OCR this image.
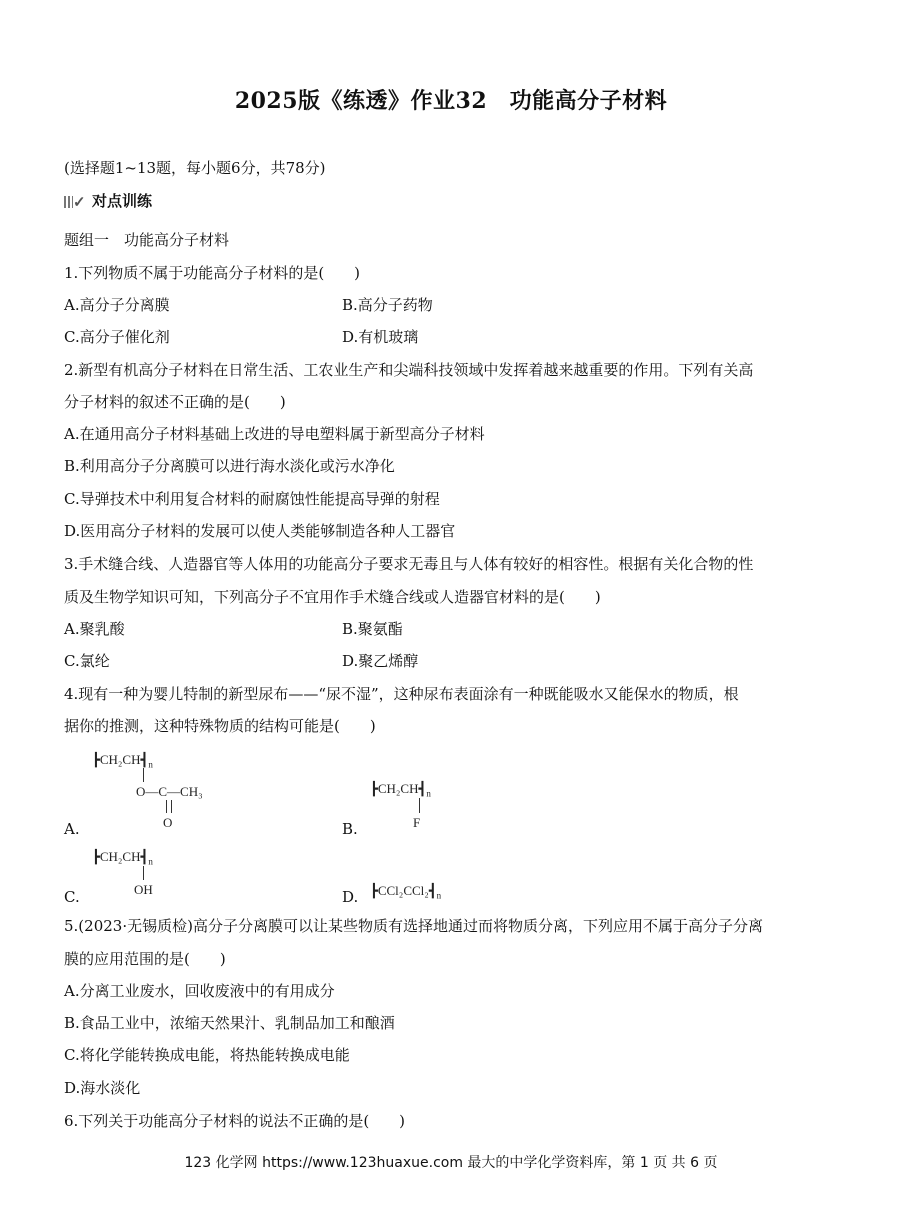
2025版《练透》作业32　功能高分子材料
(选择题1~13题，每小题6分，共78分)
✓ 对点训练
题组一　功能高分子材料
1.下列物质不属于功能高分子材料的是(　　)
A.高分子分离膜	B.高分子药物
C.高分子催化剂	D.有机玻璃
2.新型有机高分子材料在日常生活、工农业生产和尖端科技领域中发挥着越来越重要的作用。下列有关高
分子材料的叙述不正确的是(　　)
A.在通用高分子材料基础上改进的导电塑料属于新型高分子材料
B.利用高分子分离膜可以进行海水淡化或污水净化
C.导弹技术中利用复合材料的耐腐蚀性能提高导弹的射程
D.医用高分子材料的发展可以使人类能够制造各种人工器官
3.手术缝合线、人造器官等人体用的功能高分子要求无毒且与人体有较好的相容性。根据有关化合物的性
质及生物学知识可知，下列高分子不宜用作手术缝合线或人造器官材料的是(　　)
A.聚乳酸	B.聚氨酯
C.氯纶	D.聚乙烯醇
4.现有一种为婴儿特制的新型尿布——“尿不湿”，这种尿布表面涂有一种既能吸水又能保水的物质，根
据你的推测，这种特殊物质的结构可能是(　　)
$┣CH_2CH┫_n$
O—C—CH₃
O
A.
$┣CH_2CH┫_n$
F
B.
$┣CH_2CH┫_n$
OH
C.	D. $┣CCl_2CCl_2┫_n$
5.(2023·无锡质检)高分子分离膜可以让某些物质有选择地通过而将物质分离，下列应用不属于高分子分离
膜的应用范围的是(　　)
A.分离工业废水，回收废液中的有用成分
B.食品工业中，浓缩天然果汁、乳制品加工和酿酒
C.将化学能转换成电能，将热能转换成电能
D.海水淡化
6.下列关于功能高分子材料的说法不正确的是(　　)
123 化学网 https://www.123huaxue.com 最大的中学化学资料库，第 1 页 共 6 页
